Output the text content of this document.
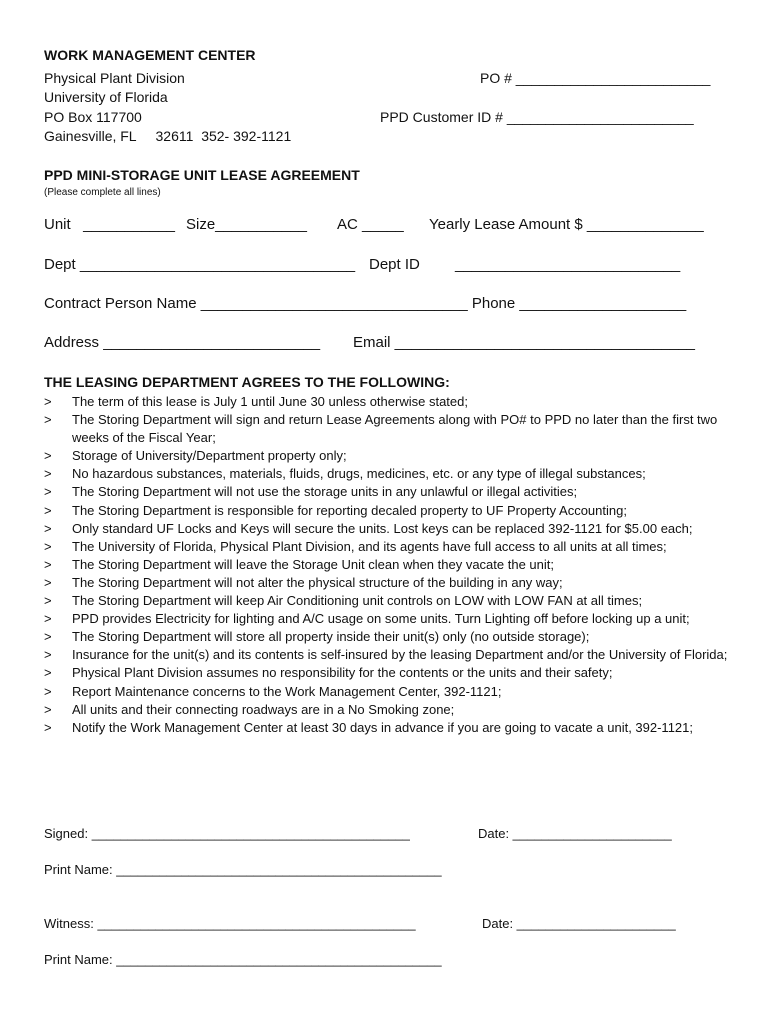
WORK MANAGEMENT CENTER
Physical Plant Division
University of Florida
PO Box 117700
Gainesville, FL     32611  352- 392-1121
PO # _________________________
PPD Customer ID # ________________________
PPD MINI-STORAGE UNIT LEASE AGREEMENT
(Please complete all lines)
Unit   ___________ Size___________ AC _____ Yearly Lease Amount $ ______________
Dept _________________________________ Dept ID ___________________________
Contract Person Name ________________________________ Phone ____________________
Address __________________________ Email ____________________________________
THE LEASING DEPARTMENT AGREES TO THE FOLLOWING:
>	The term of this lease is July 1 until June 30 unless otherwise stated;
>	The Storing Department will sign and return Lease Agreements along with PO# to PPD no later than the first two weeks of the Fiscal Year;
>	Storage of University/Department property only;
>	No hazardous substances, materials, fluids, drugs, medicines, etc. or any type of illegal substances;
>	The Storing Department will not use the storage units in any unlawful or illegal activities;
>	The Storing Department is responsible for reporting decaled property to UF Property Accounting;
>	Only standard UF Locks and Keys will secure the units. Lost keys can be replaced 392-1121 for $5.00 each;
>	The University of Florida, Physical Plant Division, and its agents have full access to all units at all times;
>	The Storing Department will leave the Storage Unit clean when they vacate the unit;
>	The Storing Department will not alter the physical structure of the building in any way;
>	The Storing Department will keep Air Conditioning unit controls on LOW with LOW FAN at all times;
>	PPD provides Electricity for lighting and A/C usage on some units. Turn Lighting off before locking up a unit;
>	The Storing Department will store all property inside their unit(s) only (no outside storage);
>	Insurance for the unit(s) and its contents is self-insured by the leasing Department and/or the University of Florida;
>	Physical Plant Division assumes no responsibility for the contents or the units and their safety;
>	Report Maintenance concerns to the Work Management Center, 392-1121;
>	All units and their connecting roadways are in a No Smoking zone;
>	Notify the Work Management Center at least 30 days in advance if you are going to vacate a unit, 392-1121;
Signed: ____________________________________________	Date: ______________________
Print Name: _____________________________________________
Witness: ____________________________________________	Date: ______________________
Print Name: _____________________________________________
